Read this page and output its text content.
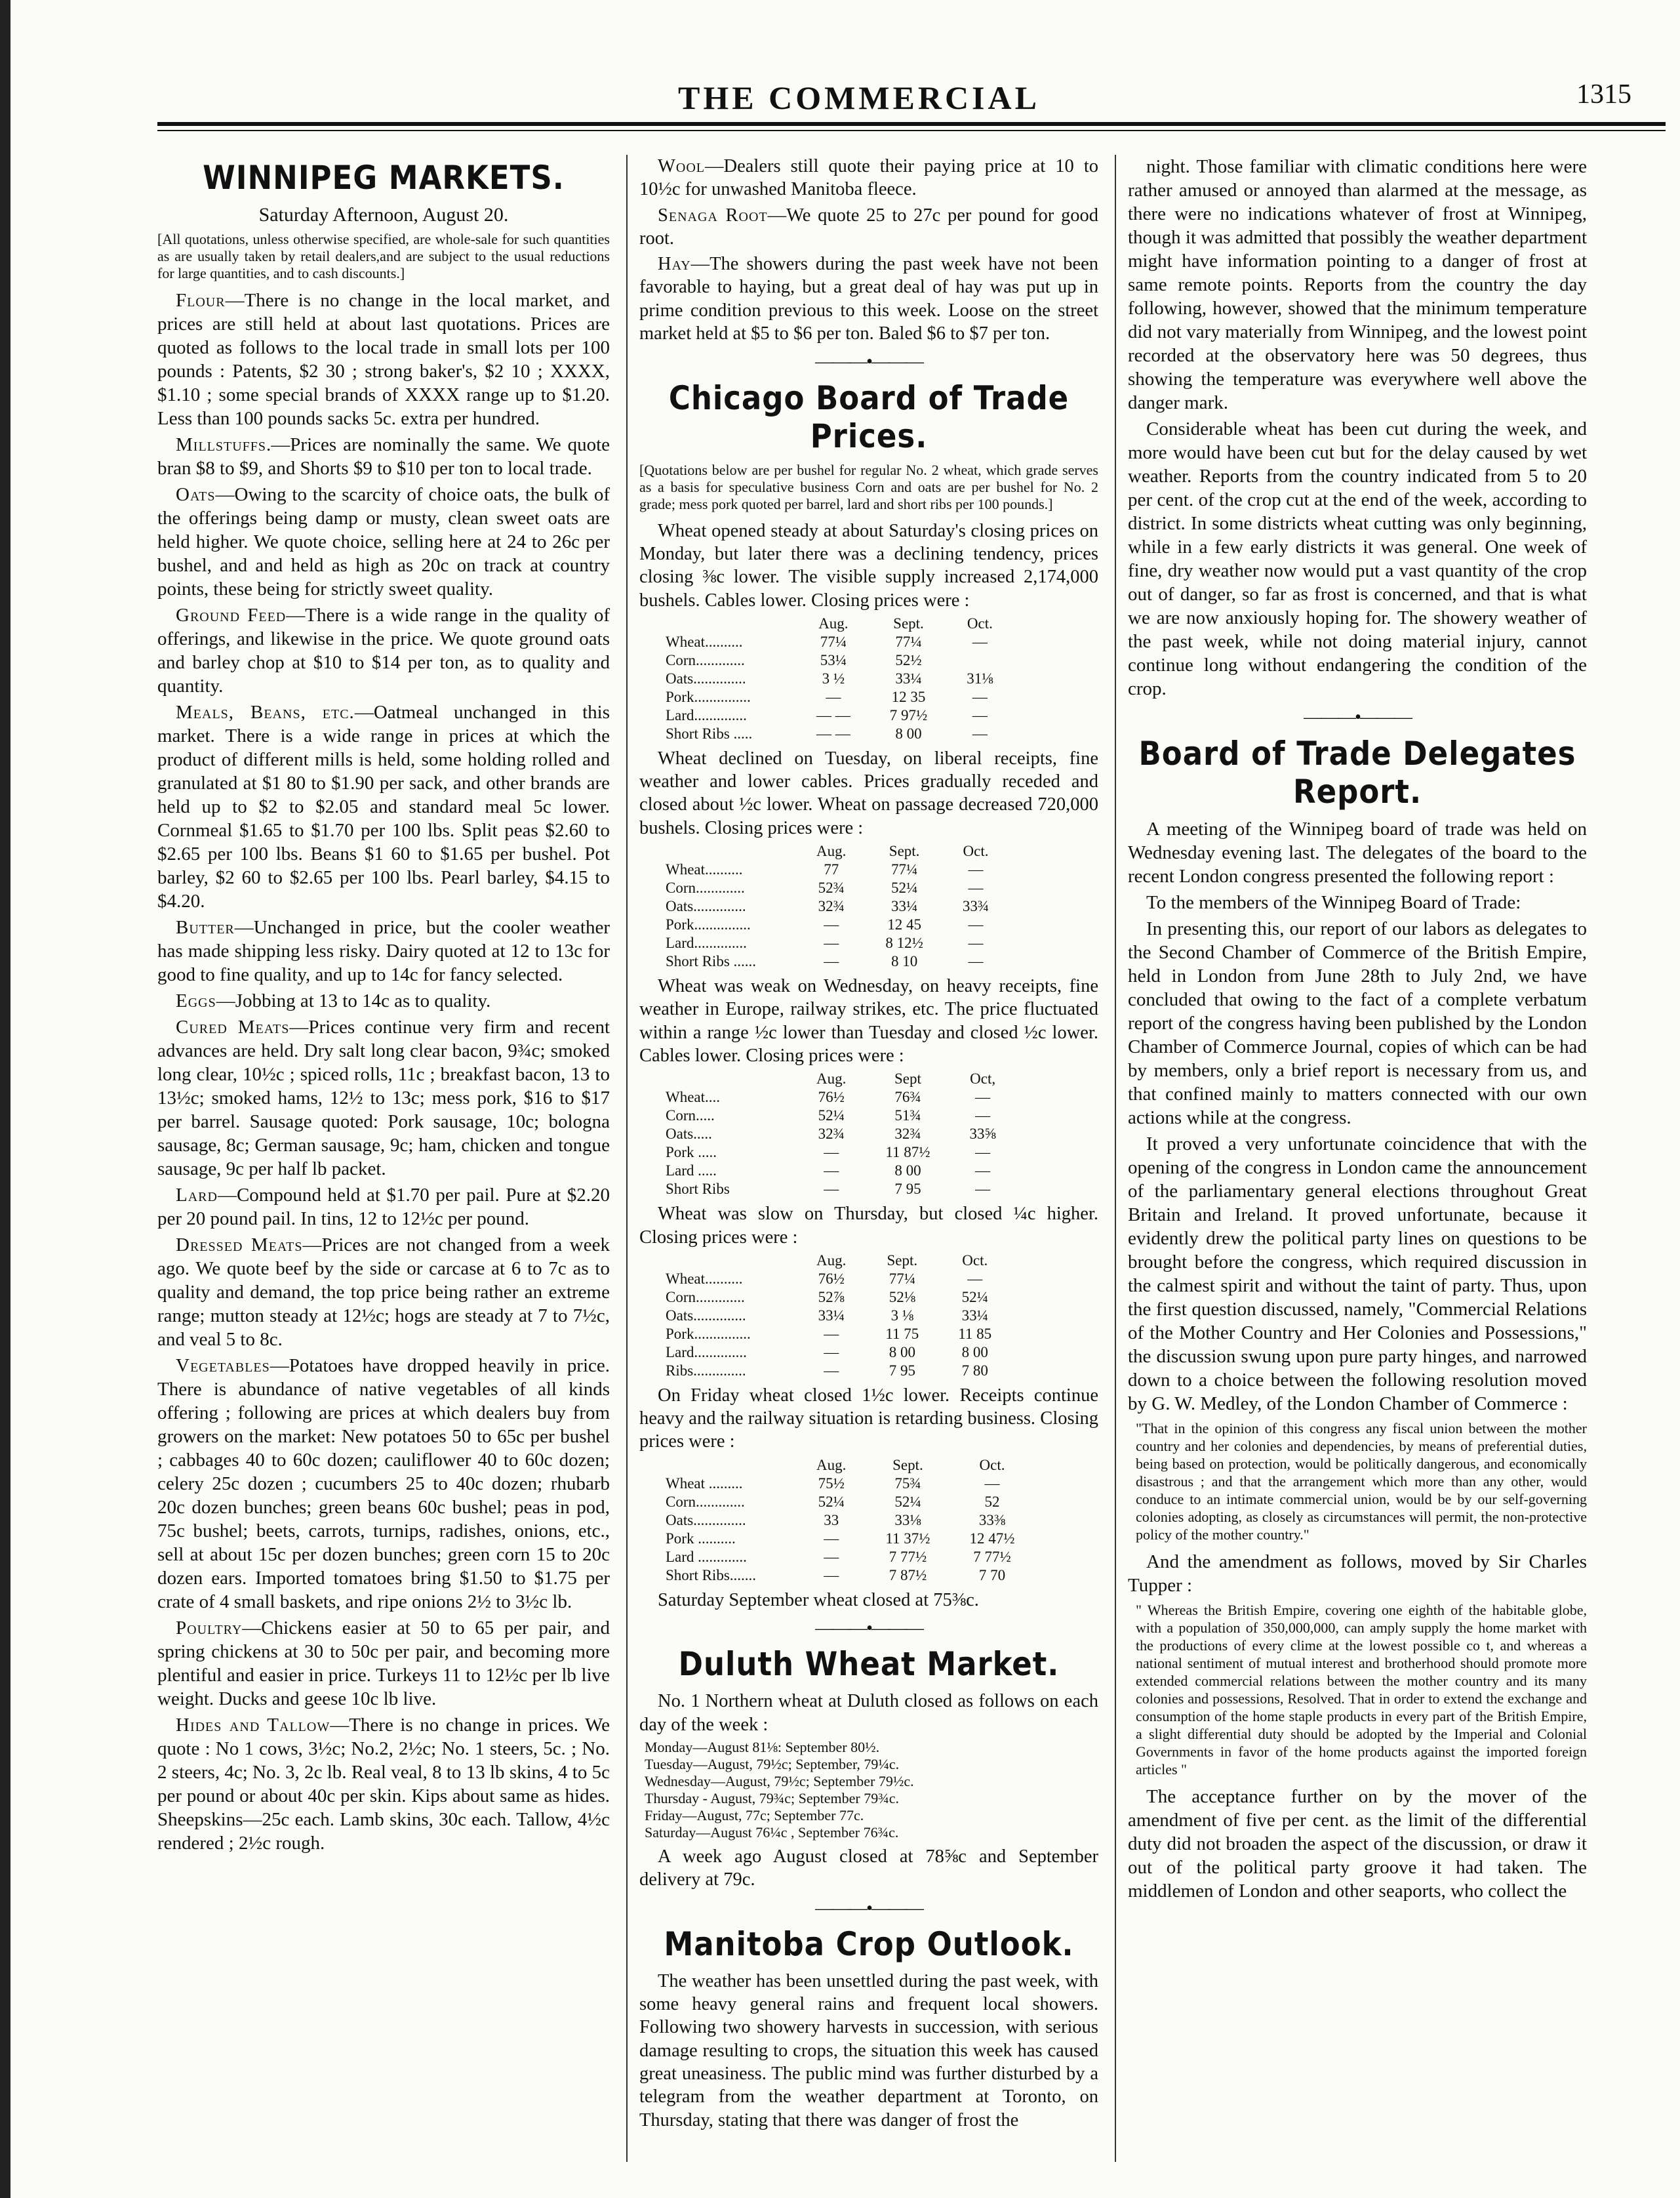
THE COMMERCIAL	1315
WINNIPEG MARKETS.
Saturday Afternoon, August 20.
[All quotations, unless otherwise specified, are whole-sale for such quantities as are usually taken by retail dealers,and are subject to the usual reductions for large quantities, and to cash discounts.]

Flour—There is no change in the local market, and prices are still held at about last quotations. Prices are quoted as follows to the local trade in small lots per 100 pounds : Patents, $2 30 ; strong baker's, $2 10 ; XXXX, $1.10 ; some special brands of XXXX range up to $1.20. Less than 100 pounds sacks 5c. extra per hundred.

Millstuffs.—Prices are nominally the same. We quote bran $8 to $9, and Shorts $9 to $10 per ton to local trade.

Oats—Owing to the scarcity of choice oats, the bulk of the offerings being damp or musty, clean sweet oats are held higher. We quote choice, selling here at 24 to 26c per bushel, and and held as high as 20c on track at country points, these being for strictly sweet quality.

Ground Feed—There is a wide range in the quality of offerings, and likewise in the price. We quote ground oats and barley chop at $10 to $14 per ton, as to quality and quantity.

Meals, Beans, etc.—Oatmeal unchanged in this market. There is a wide range in prices at which the product of different mills is held, some holding rolled and granulated at $1 80 to $1.90 per sack, and other brands are held up to $2 to $2.05 and standard meal 5c lower. Cornmeal $1.65 to $1.70 per 100 lbs. Split peas $2.60 to $2.65 per 100 lbs. Beans $1 60 to $1.65 per bushel. Pot barley, $2 60 to $2.65 per 100 lbs. Pearl barley, $4.15 to $4.20.

Butter—Unchanged in price, but the cooler weather has made shipping less risky. Dairy quoted at 12 to 13c for good to fine quality, and up to 14c for fancy selected.

Eggs—Jobbing at 13 to 14c as to quality.

Cured Meats—Prices continue very firm and recent advances are held. Dry salt long clear bacon, 9¾c; smoked long clear, 10½c ; spiced rolls, 11c ; breakfast bacon, 13 to 13½c; smoked hams, 12½ to 13c; mess pork, $16 to $17 per barrel. Sausage quoted: Pork sausage, 10c; bologna sausage, 8c; German sausage, 9c; ham, chicken and tongue sausage, 9c per half lb packet.

Lard—Compound held at $1.70 per pail. Pure at $2.20 per 20 pound pail. In tins, 12 to 12½c per pound.

Dressed Meats—Prices are not changed from a week ago. We quote beef by the side or carcase at 6 to 7c as to quality and demand, the top price being rather an extreme range; mutton steady at 12½c; hogs are steady at 7 to 7½c, and veal 5 to 8c.

Vegetables—Potatoes have dropped heavily in price. There is abundance of native vegetables of all kinds offering ; following are prices at which dealers buy from growers on the market: New potatoes 50 to 65c per bushel ; cabbages 40 to 60c dozen; cauliflower 40 to 60c dozen; celery 25c dozen ; cucumbers 25 to 40c dozen; rhubarb 20c dozen bunches; green beans 60c bushel; peas in pod, 75c bushel; beets, carrots, turnips, radishes, onions, etc., sell at about 15c per dozen bunches; green corn 15 to 20c dozen ears. Imported tomatoes bring $1.50 to $1.75 per crate of 4 small baskets, and ripe onions 2½ to 3½c lb.

Poultry—Chickens easier at 50 to 65 per pair, and spring chickens at 30 to 50c per pair, and becoming more plentiful and easier in price. Turkeys 11 to 12½c per lb live weight. Ducks and geese 10c lb live.

Hides and Tallow—There is no change in prices. We quote : No 1 cows, 3½c; No.2, 2½c; No. 1 steers, 5c. ; No. 2 steers, 4c; No. 3, 2c lb. Real veal, 8 to 13 lb skins, 4 to 5c per pound or about 40c per skin. Kips about same as hides. Sheepskins—25c each. Lamb skins, 30c each. Tallow, 4½c rendered ; 2½c rough.

Wool—Dealers still quote their paying price at 10 to 10½c for unwashed Manitoba fleece.

Senaga Root—We quote 25 to 27c per pound for good root.

Hay—The showers during the past week have not been favorable to haying, but a great deal of hay was put up in prime condition previous to this week. Loose on the street market held at $5 to $6 per ton. Baled $6 to $7 per ton.

———•———
Chicago Board of Trade Prices.
[Quotations below are per bushel for regular No. 2 wheat, which grade serves as a basis for speculative business Corn and oats are per bushel for No. 2 grade; mess pork quoted per barrel, lard and short ribs per 100 pounds.]

Wheat opened steady at about Saturday's closing prices on Monday, but later there was a declining tendency, prices closing ⅜c lower. The visible supply increased 2,174,000 bushels. Cables lower. Closing prices were :

	Aug.	Sept.	Oct.
Wheat..........	77¼	77¼	—
Corn.............	53¼	52½	
Oats..............	3 ½	33¼	31⅛
Pork...............	—	12 35	—
Lard..............	— —	7 97½	—
Short Ribs .....	— —	8 00	—

Wheat declined on Tuesday, on liberal receipts, fine weather and lower cables. Prices gradually receded and closed about ½c lower. Wheat on passage decreased 720,000 bushels. Closing prices were :

	Aug.	Sept.	Oct.
Wheat..........	77	77¼	—
Corn.............	52¾	52¼	—
Oats..............	32¾	33¼	33¾
Pork...............	—	12 45	—
Lard..............	—	8 12½	—
Short Ribs ......	—	8 10	—

Wheat was weak on Wednesday, on heavy receipts, fine weather in Europe, railway strikes, etc. The price fluctuated within a range ½c lower than Tuesday and closed ½c lower. Cables lower. Closing prices were :

	Aug.	Sept	Oct,
Wheat....	76½	76¾	—
Corn.....	52¼	51¾	—
Oats.....	32¾	32¾	33⅝
Pork .....	—	11 87½	—
Lard .....	—	8 00	—
Short Ribs	—	7 95	—

Wheat was slow on Thursday, but closed ¼c higher. Closing prices were :

	Aug.	Sept.	Oct.
Wheat..........	76½	77¼	—
Corn.............	52⅞	52⅛	52¼
Oats..............	33¼	3 ⅛	33¼
Pork...............	—	11 75	11 85
Lard..............	—	8 00	8 00
Ribs..............	—	7 95	7 80

On Friday wheat closed 1½c lower. Receipts continue heavy and the railway situation is retarding business. Closing prices were :

	Aug.	Sept.	Oct.
Wheat .........	75½	75¾	—
Corn.............	52¼	52¼	52
Oats..............	33	33⅛	33⅜
Pork ..........	—	11 37½	12 47½
Lard .............	—	7 77½	7 77½
Short Ribs.......	—	7 87½	7 70

Saturday September wheat closed at 75⅜c.

———•———
Duluth Wheat Market.

No. 1 Northern wheat at Duluth closed as follows on each day of the week :

Monday—August 81⅛: September 80½.
Tuesday—August, 79½c; September, 79¼c.
Wednesday—August, 79½c; September 79½c.
Thursday - August, 79¾c; September 79¾c.
Friday—August, 77c; September 77c.
Saturday—August 76¼c , September 76¾c.

A week ago August closed at 78⅝c and September delivery at 79c.

———•———
Manitoba Crop Outlook.

The weather has been unsettled during the past week, with some heavy general rains and frequent local showers. Following two showery harvests in succession, with serious damage resulting to crops, the situation this week has caused great uneasiness. The public mind was further disturbed by a telegram from the weather department at Toronto, on Thursday, stating that there was danger of frost the

night. Those familiar with climatic conditions here were rather amused or annoyed than alarmed at the message, as there were no indications whatever of frost at Winnipeg, though it was admitted that possibly the weather department might have information pointing to a danger of frost at same remote points. Reports from the country the day following, however, showed that the minimum temperature did not vary materially from Winnipeg, and the lowest point recorded at the observatory here was 50 degrees, thus showing the temperature was everywhere well above the danger mark.

Considerable wheat has been cut during the week, and more would have been cut but for the delay caused by wet weather. Reports from the country indicated from 5 to 20 per cent. of the crop cut at the end of the week, according to district. In some districts wheat cutting was only beginning, while in a few early districts it was general. One week of fine, dry weather now would put a vast quantity of the crop out of danger, so far as frost is concerned, and that is what we are now anxiously hoping for. The showery weather of the past week, while not doing material injury, cannot continue long without endangering the condition of the crop.

———•———
Board of Trade Delegates Report.

A meeting of the Winnipeg board of trade was held on Wednesday evening last. The delegates of the board to the recent London congress presented the following report :

To the members of the Winnipeg Board of Trade:

In presenting this, our report of our labors as delegates to the Second Chamber of Commerce of the British Empire, held in London from June 28th to July 2nd, we have concluded that owing to the fact of a complete verbatum report of the congress having been published by the London Chamber of Commerce Journal, copies of which can be had by members, only a brief report is necessary from us, and that confined mainly to matters connected with our own actions while at the congress.

It proved a very unfortunate coincidence that with the opening of the congress in London came the announcement of the parliamentary general elections throughout Great Britain and Ireland. It proved unfortunate, because it evidently drew the political party lines on questions to be brought before the congress, which required discussion in the calmest spirit and without the taint of party. Thus, upon the first question discussed, namely, "Commercial Relations of the Mother Country and Her Colonies and Possessions," the discussion swung upon pure party hinges, and narrowed down to a choice between the following resolution moved by G. W. Medley, of the London Chamber of Commerce :

"That in the opinion of this congress any fiscal union between the mother country and her colonies and dependencies, by means of preferential duties, being based on protection, would be politically dangerous, and economically disastrous ; and that the arrangement which more than any other, would conduce to an intimate commercial union, would be by our self-governing colonies adopting, as closely as circumstances will permit, the non-protective policy of the mother country."

And the amendment as follows, moved by Sir Charles Tupper :

" Whereas the British Empire, covering one eighth of the habitable globe, with a population of 350,000,000, can amply supply the home market with the productions of every clime at the lowest possible co t, and whereas a national sentiment of mutual interest and brotherhood should promote more extended commercial relations between the mother country and its many colonies and possessions, Resolved. That in order to extend the exchange and consumption of the home staple products in every part of the British Empire, a slight differential duty should be adopted by the Imperial and Colonial Governments in favor of the home products against the imported foreign articles "

The acceptance further on by the mover of the amendment of five per cent. as the limit of the differential duty did not broaden the aspect of the discussion, or draw it out of the political party groove it had taken. The middlemen of London and other seaports, who collect the
